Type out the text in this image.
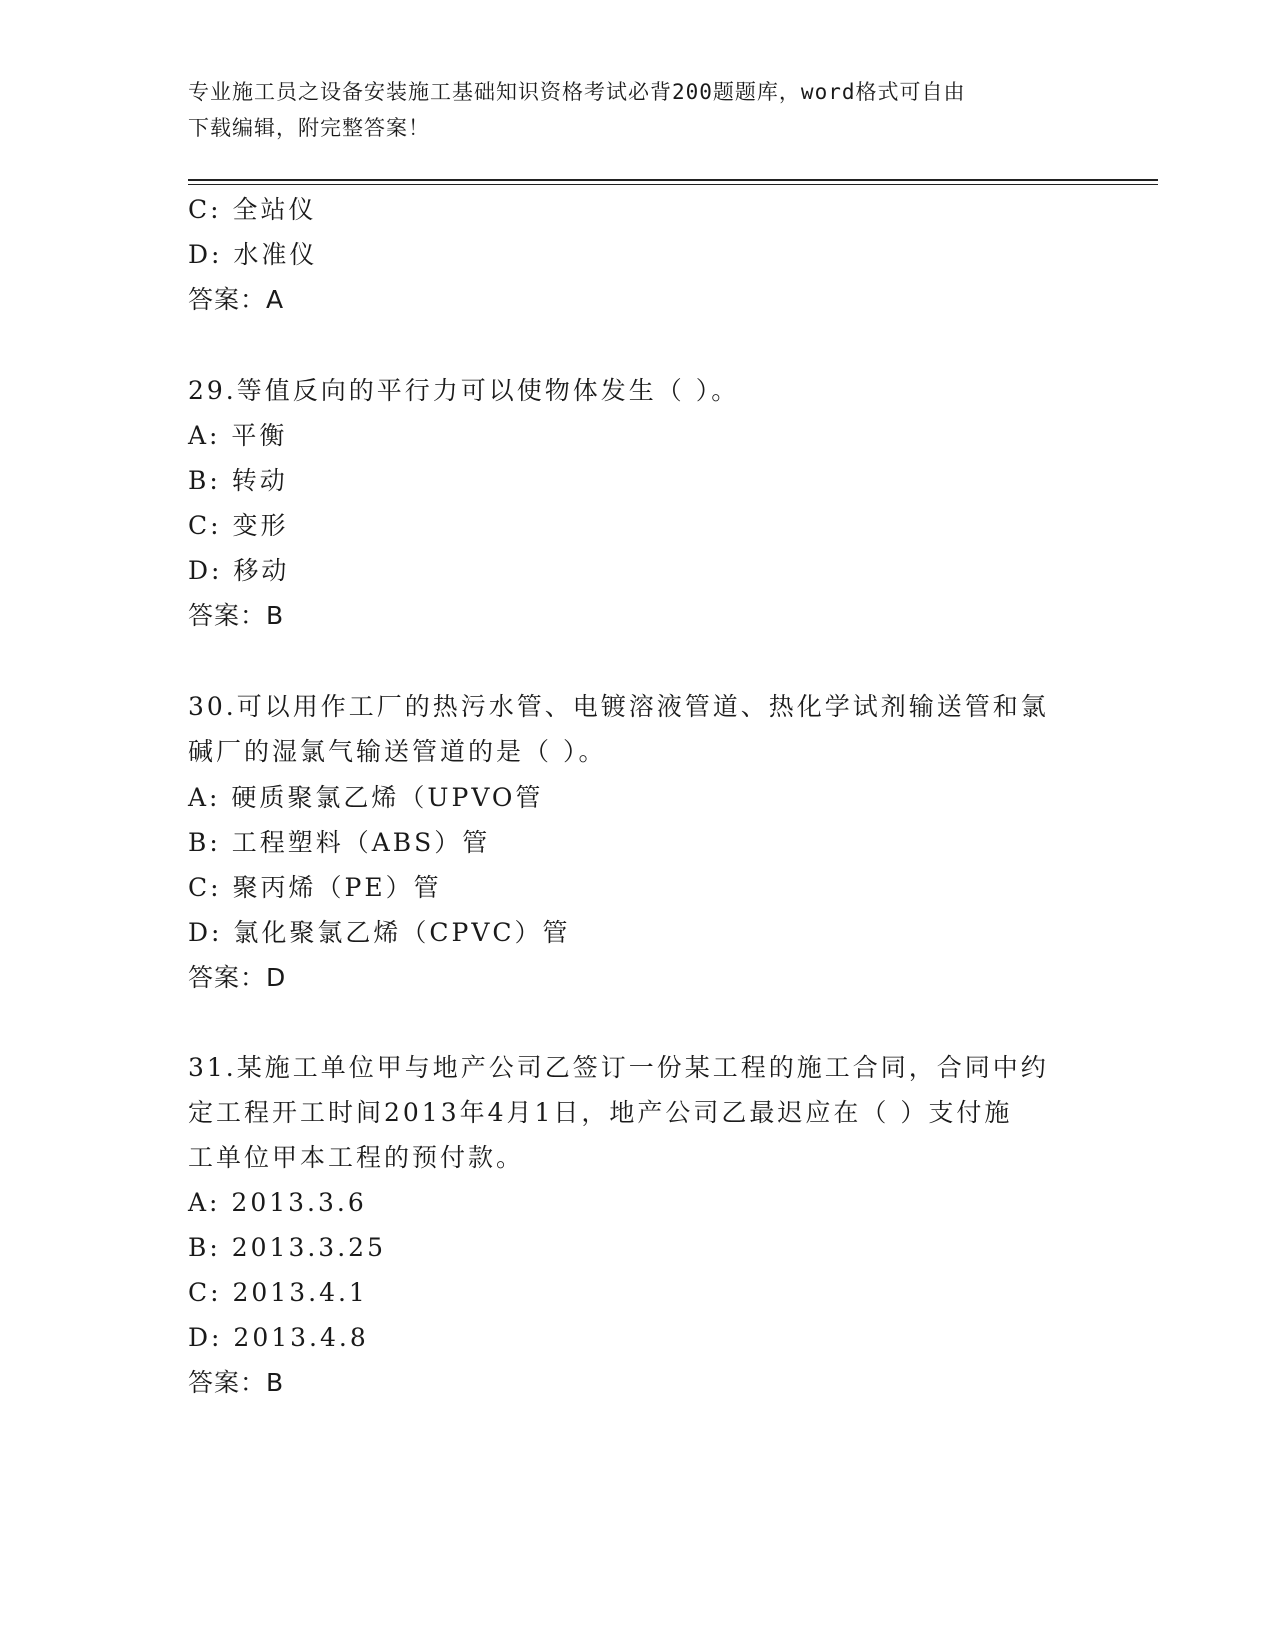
专业施工员之设备安装施工基础知识资格考试必背200题题库，word格式可自由
下载编辑，附完整答案！
C: 全站仪
D: 水准仪
答案：A
29.等值反向的平行力可以使物体发生（ ）。
A: 平衡
B: 转动
C: 变形
D: 移动
答案：B
30.可以用作工厂的热污水管、电镀溶液管道、热化学试剂输送管和氯
碱厂的湿氯气输送管道的是（ ）。
A: 硬质聚氯乙烯（UPVO管
B: 工程塑料（ABS）管
C: 聚丙烯（PE）管
D: 氯化聚氯乙烯（CPVC）管
答案：D
31.某施工单位甲与地产公司乙签订一份某工程的施工合同，合同中约
定工程开工时间2013年4月1日，地产公司乙最迟应在（ ）支付施
工单位甲本工程的预付款。
A: 2013.3.6
B: 2013.3.25
C: 2013.4.1
D: 2013.4.8
答案：B
